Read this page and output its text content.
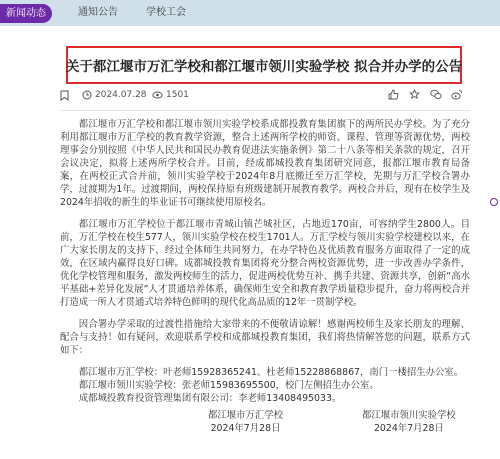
新闻动态	通知公告	学校工会
关于都江堰市万汇学校和都江堰市领川实验学校 拟合并办学的公告
2024.07.28 1501

都江堰市万汇学校和都江堰市领川实验学校系成都投教育集团旗下的两所民办学校。为了充分利用都江堰市万汇学校的教育教学资源，整合上述两所学校的师资、课程、管理等资源优势，两校理事会分别按照《中华人民共和国民办教育促进法实施条例》第二十八条等相关条款的规定，召开会议决定，拟将上述两所学校合并。目前，经成都城投教育集团研究同意，报都江堰市教育局备案，在两校正式合并前，领川实验学校于2024年8月底搬迁至万汇学校，先期与万汇学校合署办学，过渡期为1年。过渡期间，两校保持原有班级建制开展教育教学。两校合并后，现有在校学生及2024年招收的新生的毕业证书可继续使用原校名。

都江堰市万汇学校位于都江堰市青城山镇芒城社区，占地近170亩，可容纳学生2800人。目前，万汇学校在校生577人，领川实验学校在校生1701人。万汇学校与领川实验学校建校以来，在广大家长朋友的支持下，经过全体师生共同努力，在办学特色及优质教育服务方面取得了一定的成效，在区域内赢得良好口碑。成都城投教育集团将充分整合两校资源优势，进一步改善办学条件，优化学校管理和服务，激发两校师生的活力，促进两校优势互补、携手共建、资源共享，创新“高水平基础+差异化发展”人才贯通培养体系，确保师生安全和教育教学质量稳步提升，奋力将两校合并打造成一所人才贯通式培养特色鲜明的现代化高品质的12年一贯制学校。

因合署办学采取的过渡性措施给大家带来的不便敬请谅解！感谢两校师生及家长朋友的理解、配合与支持！如有疑问，欢迎联系学校和成都城投教育集团，我们将热情解答您的问题，联系方式如下：

都江堰市万汇学校：叶老师15928365241、杜老师15228868867，南门一楼招生办公室。

都江堰市领川实验学校：张老师15983695500，校门左侧招生办公室。

成都城投教育投资管理集团有限公司：李老师13408495033。

都江堰市万汇学校
2024年7月28日
都江堰市领川实验学校
2024年7月28日
